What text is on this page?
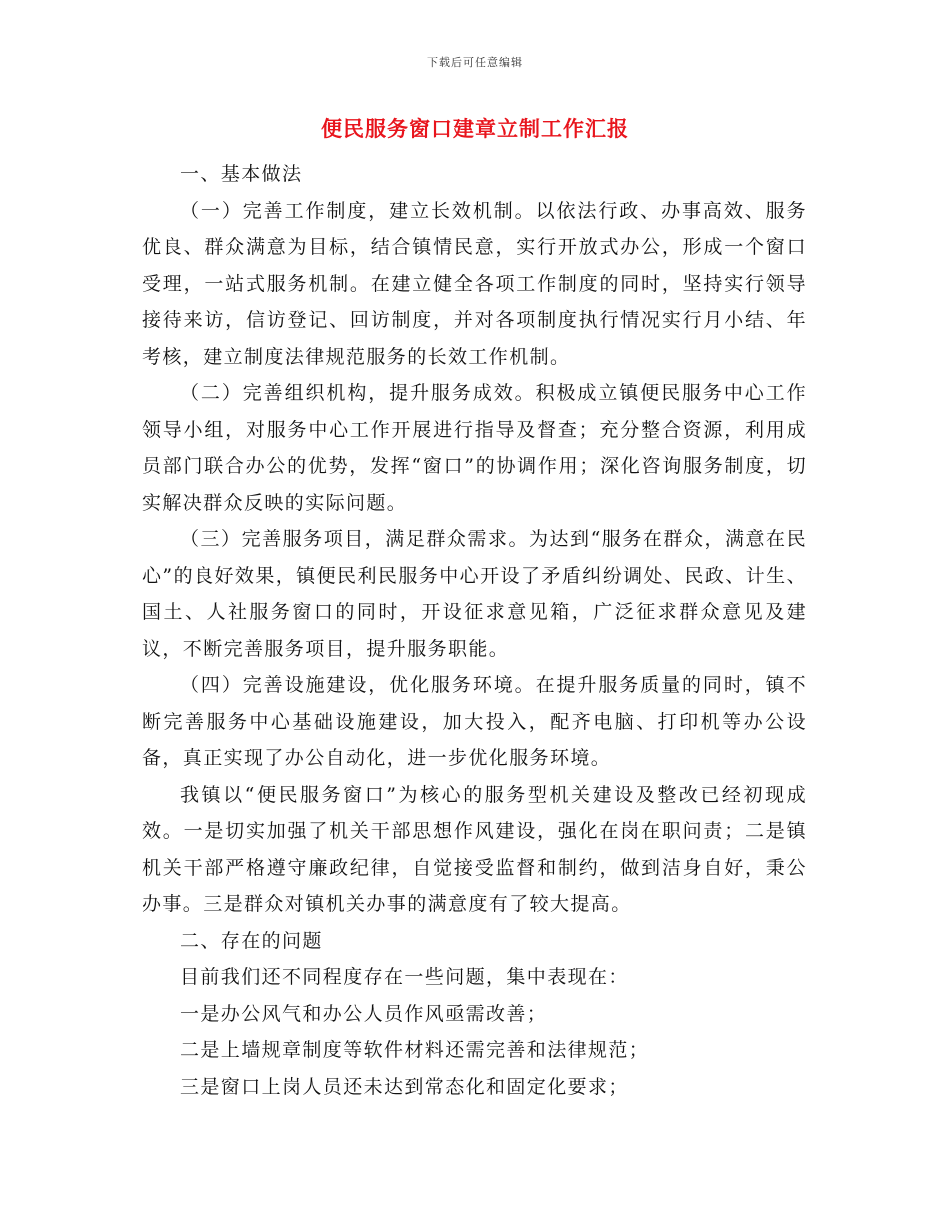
下载后可任意编辑
便民服务窗口建章立制工作汇报

一、基本做法

（一）完善工作制度，建立长效机制。以依法行政、办事高效、服务优良、群众满意为目标，结合镇情民意，实行开放式办公，形成一个窗口受理，一站式服务机制。在建立健全各项工作制度的同时，坚持实行领导接待来访，信访登记、回访制度，并对各项制度执行情况实行月小结、年考核，建立制度法律规范服务的长效工作机制。

（二）完善组织机构，提升服务成效。积极成立镇便民服务中心工作领导小组，对服务中心工作开展进行指导及督查；充分整合资源，利用成员部门联合办公的优势，发挥“窗口”的协调作用；深化咨询服务制度，切实解决群众反映的实际问题。

（三）完善服务项目，满足群众需求。为达到“服务在群众，满意在民心”的良好效果，镇便民利民服务中心开设了矛盾纠纷调处、民政、计生、国土、人社服务窗口的同时，开设征求意见箱，广泛征求群众意见及建议，不断完善服务项目，提升服务职能。

（四）完善设施建设，优化服务环境。在提升服务质量的同时，镇不断完善服务中心基础设施建设，加大投入，配齐电脑、打印机等办公设备，真正实现了办公自动化，进一步优化服务环境。

我镇以“便民服务窗口”为核心的服务型机关建设及整改已经初现成效。一是切实加强了机关干部思想作风建设，强化在岗在职问责；二是镇机关干部严格遵守廉政纪律，自觉接受监督和制约，做到洁身自好，秉公办事。三是群众对镇机关办事的满意度有了较大提高。

二、存在的问题

目前我们还不同程度存在一些问题，集中表现在：

一是办公风气和办公人员作风亟需改善；

二是上墙规章制度等软件材料还需完善和法律规范；

三是窗口上岗人员还未达到常态化和固定化要求；
